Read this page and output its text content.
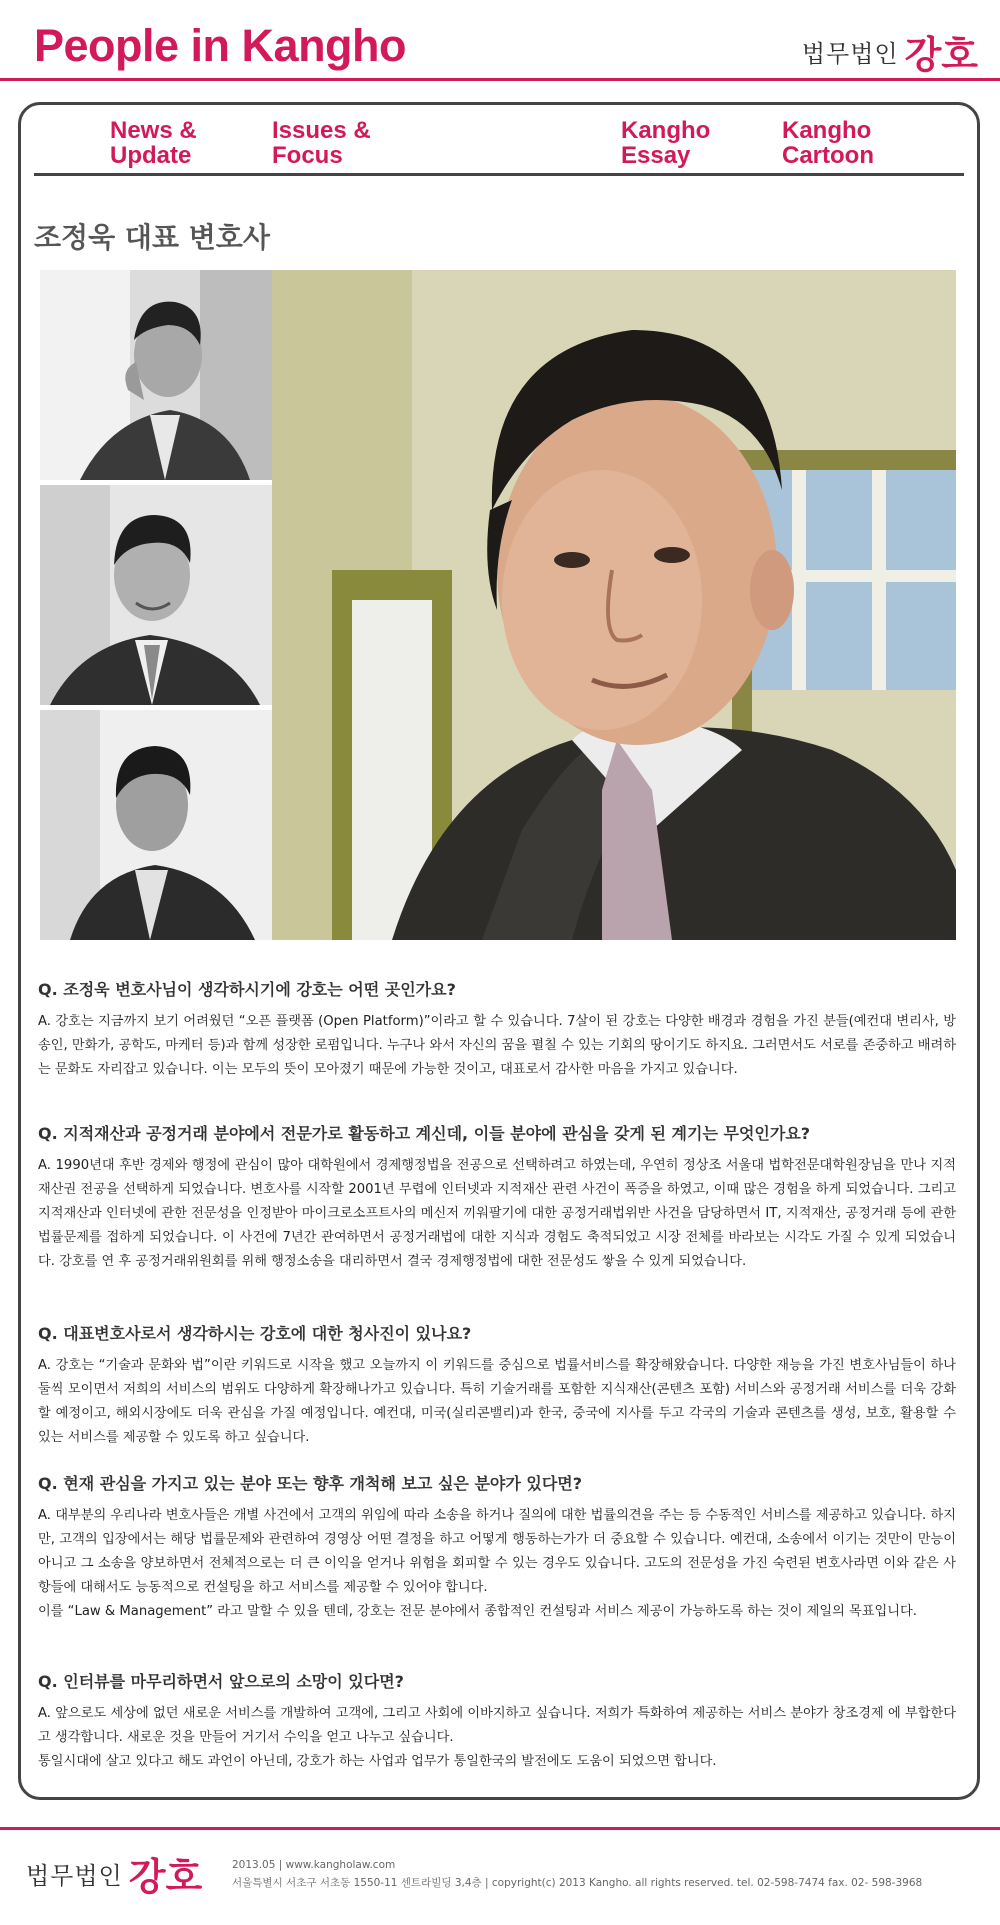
People in Kangho	법무법인 강호
News &
Update
Issues &
Focus
Kangho
Essay
Kangho
Cartoon
조정욱 대표 변호사
Q. 조정욱 변호사님이 생각하시기에 강호는 어떤 곳인가요?

A. 강호는 지금까지 보기 어려웠던 “오픈 플랫폼 (Open Platform)”이라고 할 수 있습니다. 7살이 된 강호는 다양한 배경과 경험을 가진 분들(예컨대 변리사, 방송인, 만화가, 공학도, 마케터 등)과 함께 성장한 로펌입니다. 누구나 와서 자신의 꿈을 펼칠 수 있는 기회의 땅이기도 하지요. 그러면서도 서로를 존중하고 배려하는 문화도 자리잡고 있습니다. 이는 모두의 뜻이 모아졌기 때문에 가능한 것이고, 대표로서 감사한 마음을 가지고 있습니다.

Q. 지적재산과 공정거래 분야에서 전문가로 활동하고 계신데, 이들 분야에 관심을 갖게 된 계기는 무엇인가요?

A. 1990년대 후반 경제와 행정에 관심이 많아 대학원에서 경제행정법을 전공으로 선택하려고 하였는데, 우연히 정상조 서울대 법학전문대학원장님을 만나 지적재산권 전공을 선택하게 되었습니다. 변호사를 시작할 2001년 무렵에 인터넷과 지적재산 관련 사건이 폭증을 하였고, 이때 많은 경험을 하게 되었습니다. 그리고 지적재산과 인터넷에 관한 전문성을 인정받아 마이크로소프트사의 메신저 끼워팔기에 대한 공정거래법위반 사건을 담당하면서 IT, 지적재산, 공정거래 등에 관한 법률문제를 접하게 되었습니다. 이 사건에 7년간 관여하면서 공정거래법에 대한 지식과 경험도 축적되었고 시장 전체를 바라보는 시각도 가질 수 있게 되었습니다. 강호를 연 후 공정거래위원회를 위해 행정소송을 대리하면서 결국 경제행정법에 대한 전문성도 쌓을 수 있게 되었습니다.

Q. 대표변호사로서 생각하시는 강호에 대한 청사진이 있나요?

A. 강호는 “기술과 문화와 법”이란 키워드로 시작을 했고 오늘까지 이 키워드를 중심으로 법률서비스를 확장해왔습니다. 다양한 재능을 가진 변호사님들이 하나 둘씩 모이면서 저희의 서비스의 범위도 다양하게 확장해나가고 있습니다. 특히 기술거래를 포함한 지식재산(콘텐츠 포함) 서비스와 공정거래 서비스를 더욱 강화할 예정이고, 해외시장에도 더욱 관심을 가질 예정입니다. 예컨대, 미국(실리콘밸리)과 한국, 중국에 지사를 두고 각국의 기술과 콘텐츠를 생성, 보호, 활용할 수 있는 서비스를 제공할 수 있도록 하고 싶습니다.

Q. 현재 관심을 가지고 있는 분야 또는 향후 개척해 보고 싶은 분야가 있다면?

A. 대부분의 우리나라 변호사들은 개별 사건에서 고객의 위임에 따라 소송을 하거나 질의에 대한 법률의견을 주는 등 수동적인 서비스를 제공하고 있습니다. 하지만, 고객의 입장에서는 해당 법률문제와 관련하여 경영상 어떤 결정을 하고 어떻게 행동하는가가 더 중요할 수 있습니다. 예컨대, 소송에서 이기는 것만이 만능이 아니고 그 소송을 양보하면서 전체적으로는 더 큰 이익을 얻거나 위험을 회피할 수 있는 경우도 있습니다. 고도의 전문성을 가진 숙련된 변호사라면 이와 같은 사항들에 대해서도 능동적으로 컨설팅을 하고 서비스를 제공할 수 있어야 합니다.

이를 “Law & Management” 라고 말할 수 있을 텐데, 강호는 전문 분야에서 종합적인 컨설팅과 서비스 제공이 가능하도록 하는 것이 제일의 목표입니다.

Q. 인터뷰를 마무리하면서 앞으로의 소망이 있다면?

A. 앞으로도 세상에 없던 새로운 서비스를 개발하여 고객에, 그리고 사회에 이바지하고 싶습니다. 저희가 특화하여 제공하는 서비스 분야가 창조경제 에 부합한다고 생각합니다. 새로운 것을 만들어 거기서 수익을 얻고 나누고 싶습니다.

통일시대에 살고 있다고 해도 과언이 아닌데, 강호가 하는 사업과 업무가 통일한국의 발전에도 도움이 되었으면 합니다.

법무법인 강호	2013.05 | www.kangholaw.com
서울특별시 서초구 서초동 1550-11 센트라빌딩 3,4층 | copyright(c) 2013 Kangho. all rights reserved. tel. 02-598-7474 fax. 02- 598-3968
